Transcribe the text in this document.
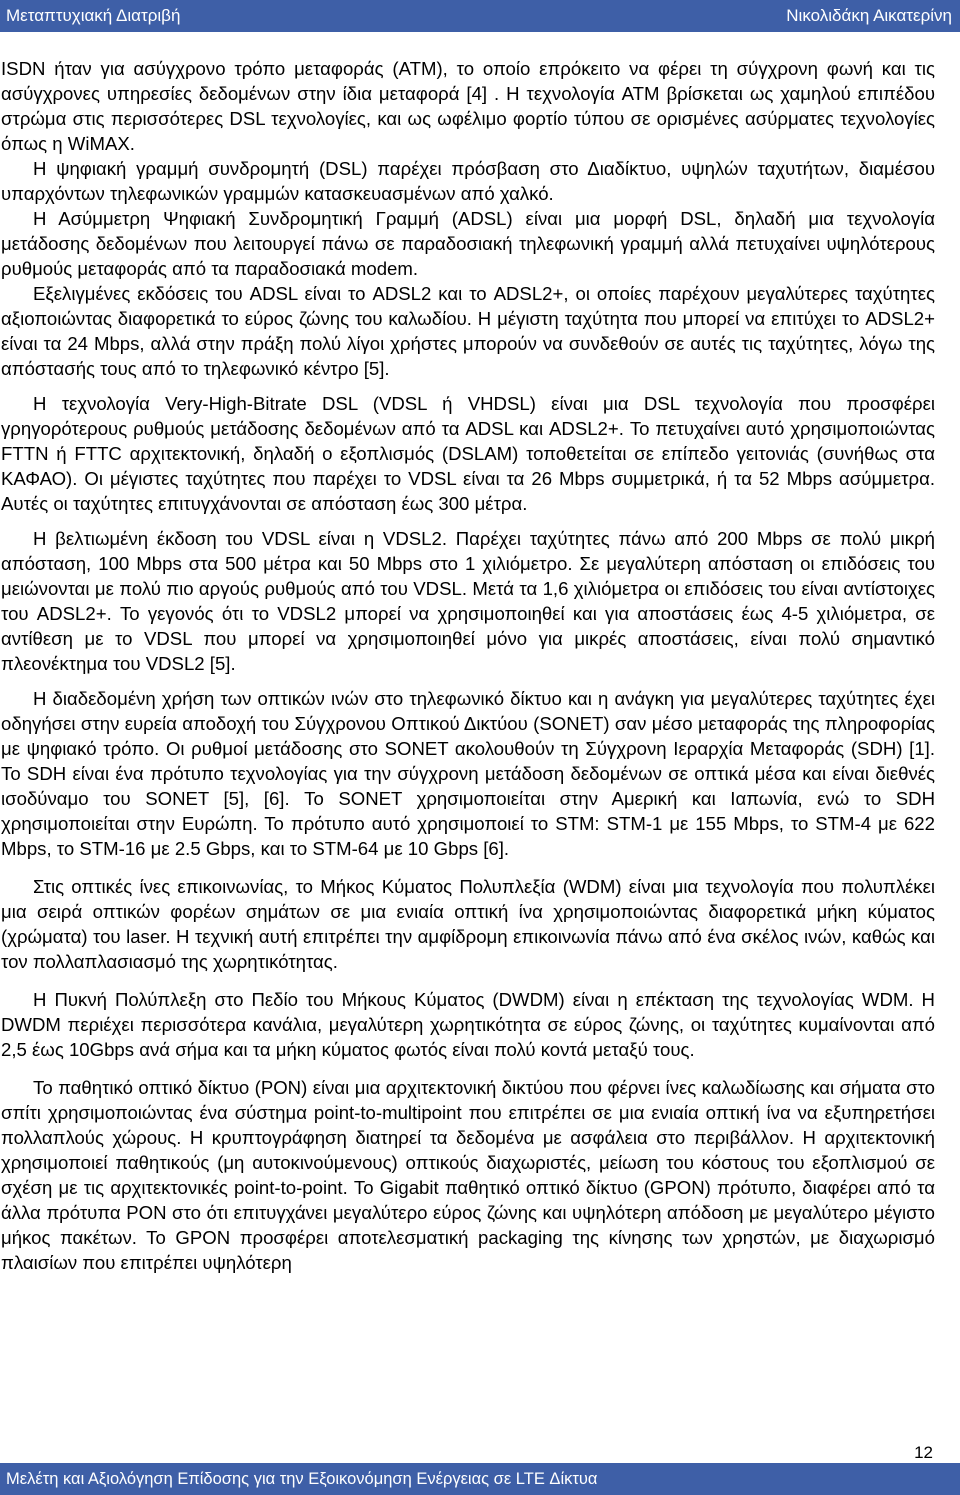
Μεταπτυχιακή Διατριβή	Νικολιδάκη Αικατερίνη

ISDN ήταν για ασύγχρονο τρόπο μεταφοράς (ΑΤΜ), το οποίο επρόκειτο να φέρει τη σύγχρονη φωνή και τις ασύγχρονες υπηρεσίες δεδομένων στην ίδια μεταφορά [4] . Η τεχνολογία ATM βρίσκεται ως χαμηλού επιπέδου στρώμα στις περισσότερες DSL τεχνολογίες, και ως ωφέλιμο φορτίο τύπου σε ορισμένες ασύρματες τεχνολογίες όπως η WiMAX.

Η ψηφιακή γραμμή συνδρομητή (DSL) παρέχει πρόσβαση στο Διαδίκτυο, υψηλών ταχυτήτων, διαμέσου υπαρχόντων τηλεφωνικών γραμμών κατασκευασμένων από χαλκό.

Η Ασύμμετρη Ψηφιακή Συνδρομητική Γραμμή (ADSL) είναι μια μορφή DSL, δηλαδή μια τεχνολογία μετάδοσης δεδομένων που λειτουργεί πάνω σε παραδοσιακή τηλεφωνική γραμμή αλλά πετυχαίνει υψηλότερους ρυθμούς μεταφοράς από τα παραδοσιακά modem.

Εξελιγμένες εκδόσεις του ADSL είναι το ADSL2 και το ADSL2+, οι οποίες παρέχουν μεγαλύτερες ταχύτητες αξιοποιώντας διαφορετικά το εύρος ζώνης του καλωδίου. Η μέγιστη ταχύτητα που μπορεί να επιτύχει το ADSL2+ είναι τα 24 Mbps, αλλά στην πράξη πολύ λίγοι χρήστες μπορούν να συνδεθούν σε αυτές τις ταχύτητες, λόγω της απόστασής τους από το τηλεφωνικό κέντρο [5].

Η τεχνολογία Very-High-Bitrate DSL (VDSL ή VHDSL) είναι μια DSL τεχνολογία που προσφέρει γρηγορότερους ρυθμούς μετάδοσης δεδομένων από τα ADSL και ADSL2+. Το πετυχαίνει αυτό χρησιμοποιώντας FTTN ή FTTC αρχιτεκτονική, δηλαδή ο εξοπλισμός (DSLAM) τοποθετείται σε επίπεδο γειτονιάς (συνήθως στα ΚΑΦΑΟ). Οι μέγιστες ταχύτητες που παρέχει το VDSL είναι τα 26 Mbps συμμετρικά, ή τα 52 Mbps ασύμμετρα. Αυτές οι ταχύτητες επιτυγχάνονται σε απόσταση έως 300 μέτρα.

Η βελτιωμένη έκδοση του VDSL είναι η VDSL2. Παρέχει ταχύτητες πάνω από 200 Mbps σε πολύ μικρή απόσταση, 100 Mbps στα 500 μέτρα και 50 Mbps στο 1 χιλιόμετρο. Σε μεγαλύτερη απόσταση οι επιδόσεις του μειώνονται με πολύ πιο αργούς ρυθμούς από του VDSL. Μετά τα 1,6 χιλιόμετρα οι επιδόσεις του είναι αντίστοιχες του ADSL2+. Το γεγονός ότι το VDSL2 μπορεί να χρησιμοποιηθεί και για αποστάσεις έως 4-5 χιλιόμετρα, σε αντίθεση με το VDSL που μπορεί να χρησιμοποιηθεί μόνο για μικρές αποστάσεις, είναι πολύ σημαντικό πλεονέκτημα του VDSL2 [5].

Η διαδεδομένη χρήση των οπτικών ινών στο τηλεφωνικό δίκτυο και η ανάγκη για μεγαλύτερες ταχύτητες έχει οδηγήσει στην ευρεία αποδοχή του Σύγχρονου Οπτικού Δικτύου (SONET) σαν μέσο μεταφοράς της πληροφορίας με ψηφιακό τρόπο. Οι ρυθμοί μετάδοσης στο SONET ακολουθούν τη Σύγχρονη Ιεραρχία Μεταφοράς (SDH) [1]. Το SDH είναι ένα πρότυπο τεχνολογίας για την σύγχρονη μετάδοση δεδομένων σε οπτικά μέσα και είναι διεθνές ισοδύναμο του SONET [5], [6]. Το SONET χρησιμοποιείται στην Αμερική και Ιαπωνία, ενώ το SDH χρησιμοποιείται στην Ευρώπη. Το πρότυπο αυτό χρησιμοποιεί το STM: STM-1 με 155 Mbps, το STM-4 με 622 Mbps, το STM-16 με 2.5 Gbps, και το STM-64 με 10 Gbps [6].

Στις οπτικές ίνες επικοινωνίας, το Μήκος Κύματος Πολυπλεξία (WDM) είναι μια τεχνολογία που πολυπλέκει μια σειρά οπτικών φορέων σημάτων σε μια ενιαία οπτική ίνα χρησιμοποιώντας διαφορετικά μήκη κύματος (χρώματα) του laser. Η τεχνική αυτή επιτρέπει την αμφίδρομη επικοινωνία πάνω από ένα σκέλος ινών, καθώς και τον πολλαπλασιασμό της χωρητικότητας.

Η Πυκνή Πολύπλεξη στο Πεδίο του Μήκους Κύματος (DWDM) είναι η επέκταση της τεχνολογίας WDM. Η DWDM περιέχει περισσότερα κανάλια, μεγαλύτερη χωρητικότητα σε εύρος ζώνης, οι ταχύτητες κυμαίνονται από 2,5 έως 10Gbps ανά σήμα και τα μήκη κύματος φωτός είναι πολύ κοντά μεταξύ τους.

Το παθητικό οπτικό δίκτυο (PON) είναι μια αρχιτεκτονική δικτύου που φέρνει ίνες καλωδίωσης και σήματα στο σπίτι χρησιμοποιώντας ένα σύστημα point-to-multipoint που επιτρέπει σε μια ενιαία οπτική ίνα να εξυπηρετήσει πολλαπλούς χώρους. Η κρυπτογράφηση διατηρεί τα δεδομένα με ασφάλεια στο περιβάλλον. Η αρχιτεκτονική χρησιμοποιεί παθητικούς (μη αυτοκινούμενους) οπτικούς διαχωριστές, μείωση του κόστους του εξοπλισμού σε σχέση με τις αρχιτεκτονικές point-to-point. Το Gigabit παθητικό οπτικό δίκτυο (GPON) πρότυπο, διαφέρει από τα άλλα πρότυπα PON στο ότι επιτυγχάνει μεγαλύτερο εύρος ζώνης και υψηλότερη απόδοση με μεγαλύτερο μέγιστο μήκος πακέτων. Το GPON προσφέρει αποτελεσματική packaging της κίνησης των χρηστών, με διαχωρισμό πλαισίων που επιτρέπει υψηλότερη

12
Μελέτη και Αξιολόγηση Επίδοσης για την Εξοικονόμηση Ενέργειας σε LTE Δίκτυα
